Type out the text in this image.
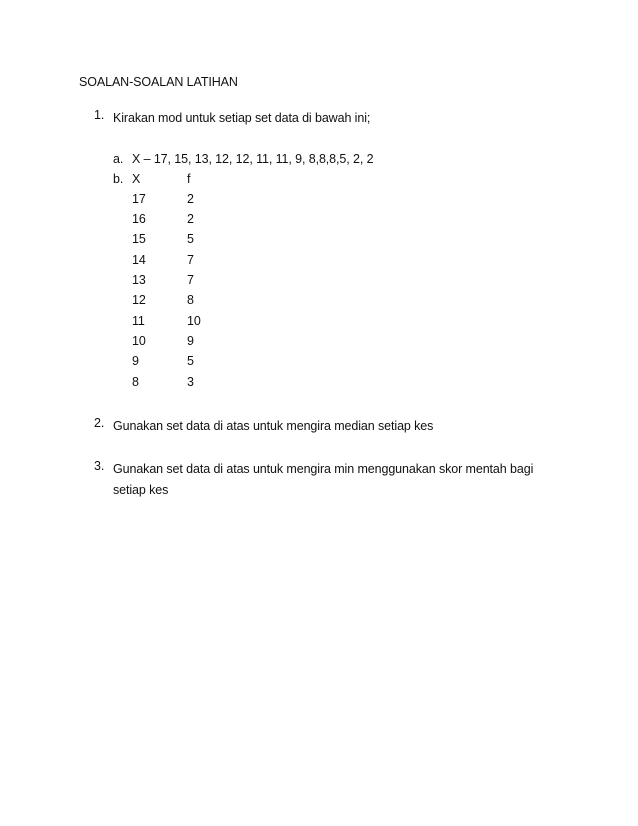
SOALAN-SOALAN LATIHAN
1. Kirakan mod untuk setiap set data di bawah ini;
a. X – 17, 15, 13, 12, 12, 11, 11, 9, 8,8,8,5, 2, 2
b. X	f
17	2
16	2
15	5
14	7
13	7
12	8
11	10
10	9
9	5
8	3
2. Gunakan set data di atas untuk mengira median setiap kes
3. Gunakan set data di atas untuk mengira min menggunakan skor mentah bagi setiap kes
